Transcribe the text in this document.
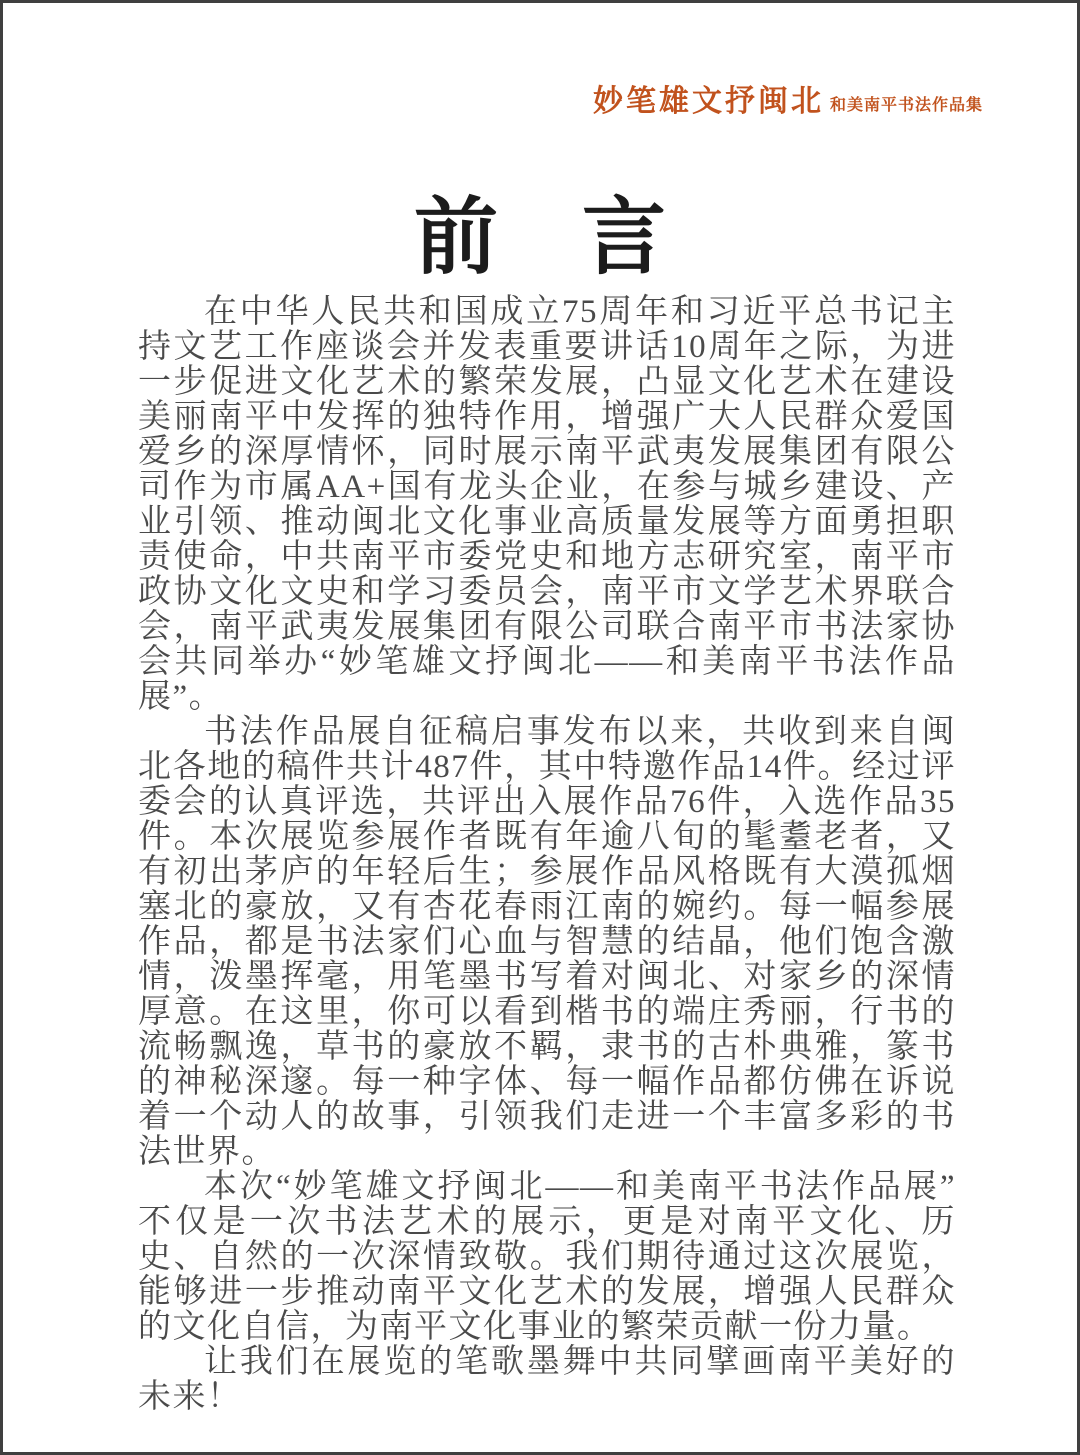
妙笔雄文抒闽北 和美南平书法作品集
前　言

在中华人民共和国成立75周年和习近平总书记主持文艺工作座谈会并发表重要讲话10周年之际，为进一步促进文化艺术的繁荣发展，凸显文化艺术在建设美丽南平中发挥的独特作用，增强广大人民群众爱国爱乡的深厚情怀，同时展示南平武夷发展集团有限公司作为市属AA+国有龙头企业，在参与城乡建设、产业引领、推动闽北文化事业高质量发展等方面勇担职责使命，中共南平市委党史和地方志研究室，南平市政协文化文史和学习委员会，南平市文学艺术界联合会，南平武夷发展集团有限公司联合南平市书法家协会共同举办“妙笔雄文抒闽北——和美南平书法作品展”。

书法作品展自征稿启事发布以来，共收到来自闽北各地的稿件共计487件，其中特邀作品14件。经过评委会的认真评选，共评出入展作品76件，入选作品35件。本次展览参展作者既有年逾八旬的髦耋老者，又有初出茅庐的年轻后生；参展作品风格既有大漠孤烟塞北的豪放，又有杏花春雨江南的婉约。每一幅参展作品，都是书法家们心血与智慧的结晶，他们饱含激情，泼墨挥毫，用笔墨书写着对闽北、对家乡的深情厚意。在这里，你可以看到楷书的端庄秀丽，行书的流畅飘逸，草书的豪放不羁，隶书的古朴典雅，篆书的神秘深邃。每一种字体、每一幅作品都仿佛在诉说着一个动人的故事，引领我们走进一个丰富多彩的书法世界。

本次“妙笔雄文抒闽北——和美南平书法作品展”不仅是一次书法艺术的展示，更是对南平文化、历史、自然的一次深情致敬。我们期待通过这次展览，能够进一步推动南平文化艺术的发展，增强人民群众的文化自信，为南平文化事业的繁荣贡献一份力量。

让我们在展览的笔歌墨舞中共同擘画南平美好的未来！
